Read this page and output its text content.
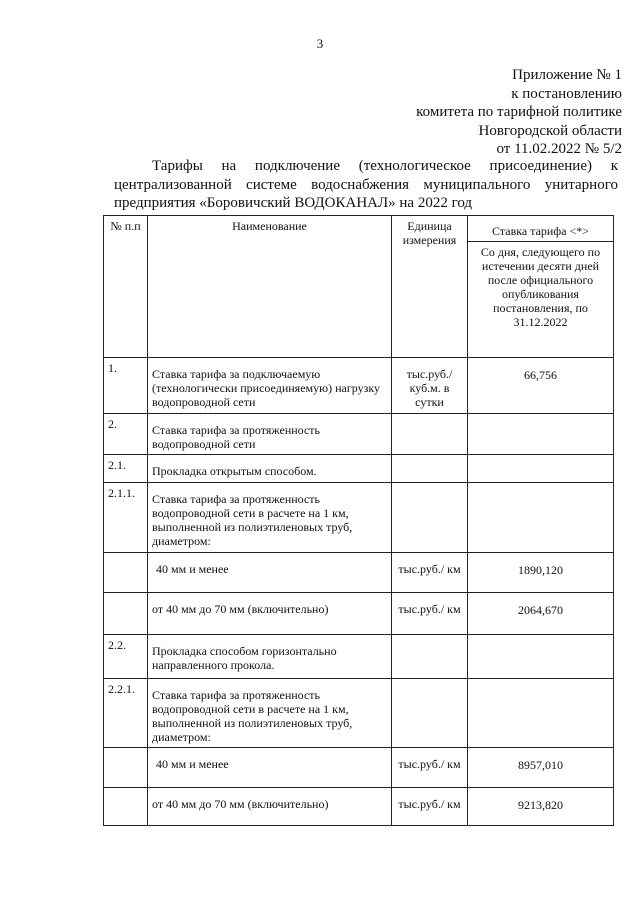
3
Приложение № 1
к постановлению
комитета по тарифной политике
Новгородской области
от 11.02.2022 № 5/2
Тарифы на подключение (технологическое присоединение) к централизованной системе водоснабжения муниципального унитарного предприятия «Боровичский ВОДОКАНАЛ» на 2022 год
№ п.п	Наименование	Единица измерения	Ставка тарифа <*>
			Со дня, следующего по истечении десяти дней после официального опубликования постановления, по 31.12.2022
1.	Ставка тарифа за подключаемую (технологически присоединяемую) нагрузку водопроводной сети	тыс.руб./ куб.м. в сутки	66,756
2.	Ставка тарифа за протяженность водопроводной сети		
2.1.	Прокладка открытым способом.		
2.1.1.	Ставка тарифа за протяженность водопроводной сети в расчете на 1 км, выполненной из полиэтиленовых труб, диаметром:		
	40 мм и менее	тыс.руб./ км	1890,120
	от 40 мм до 70 мм (включительно)	тыс.руб./ км	2064,670
2.2.	Прокладка способом горизонтально направленного прокола.		
2.2.1.	Ставка тарифа за протяженность водопроводной сети в расчете на 1 км, выполненной из полиэтиленовых труб, диаметром:		
	40 мм и менее	тыс.руб./ км	8957,010
	от 40 мм до 70 мм (включительно)	тыс.руб./ км	9213,820
